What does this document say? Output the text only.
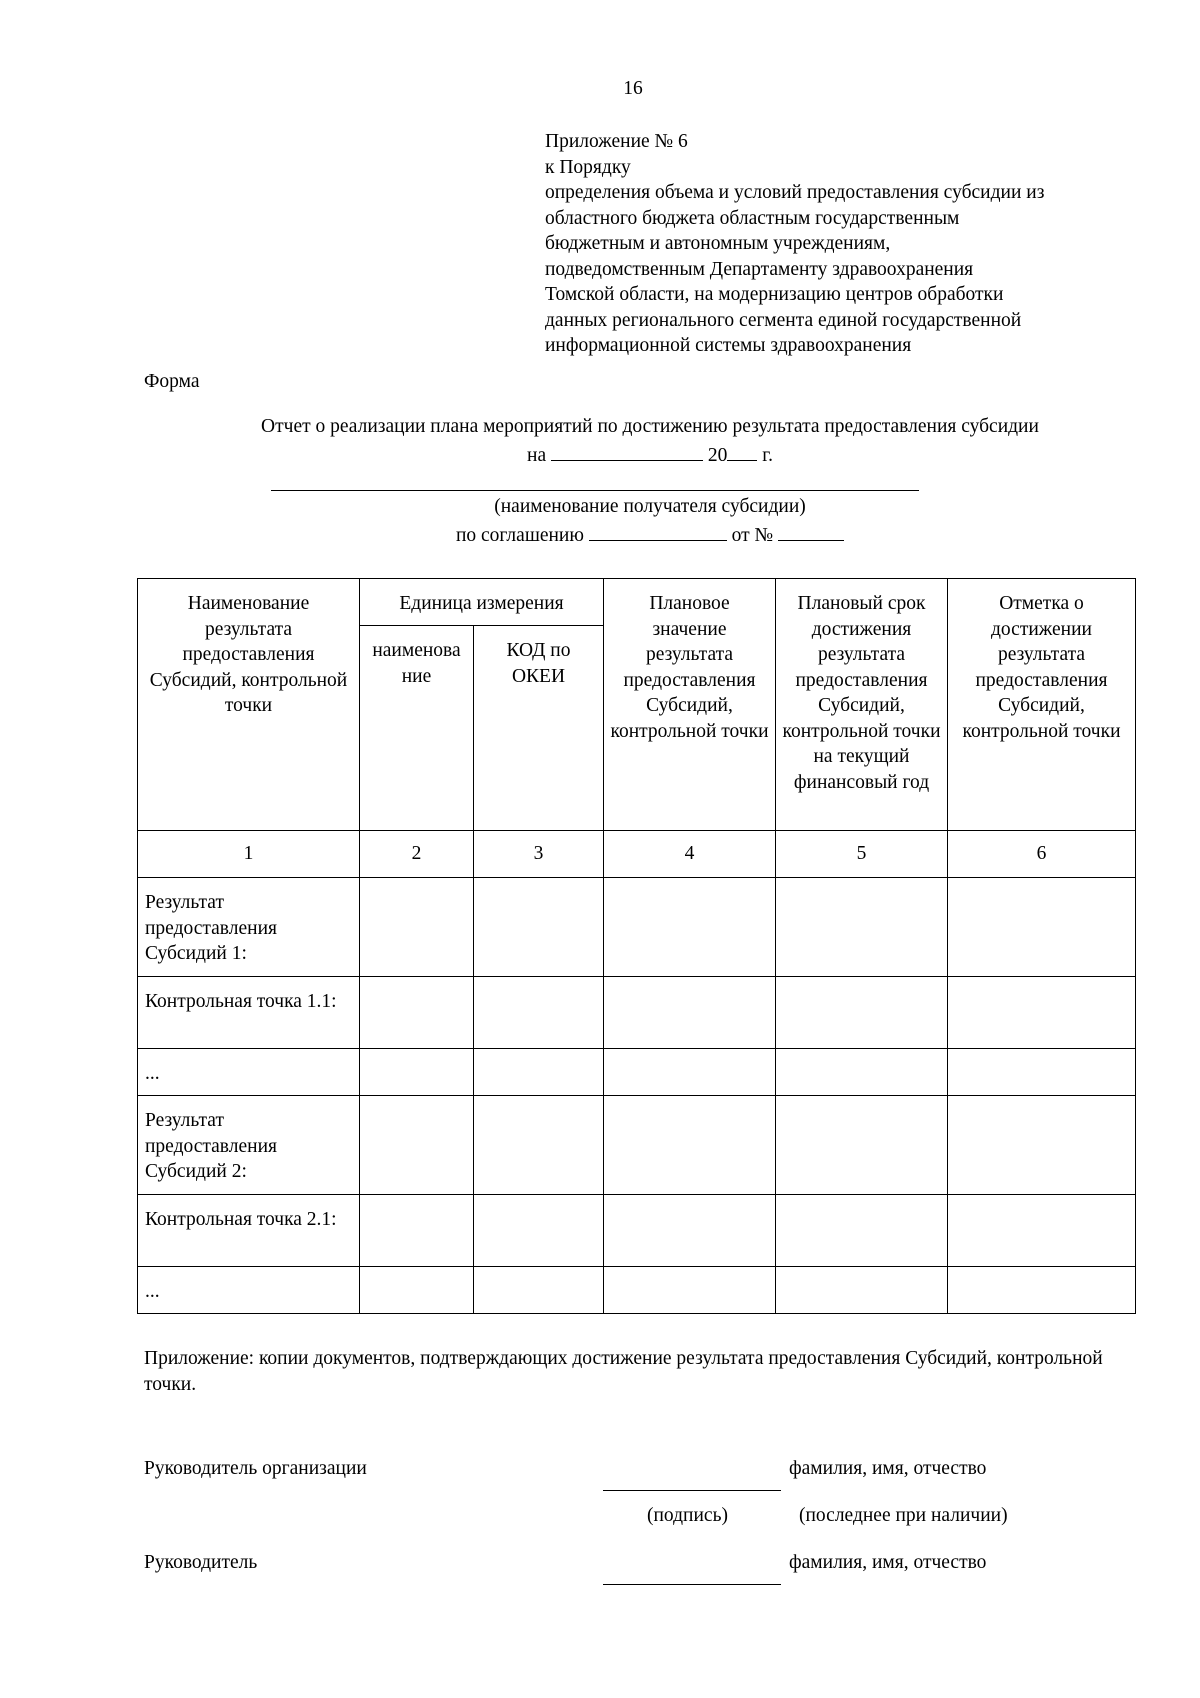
16
Приложение № 6
к Порядку
определения объема и условий предоставления субсидии из
областного бюджета областным государственным
бюджетным и автономным учреждениям,
подведомственным Департаменту здравоохранения
Томской области, на модернизацию центров обработки
данных регионального сегмента единой государственной
информационной системы здравоохранения
Форма
Отчет о реализации плана мероприятий по достижению результата предоставления субсидии
на	20 г.
(наименование получателя субсидии)
по соглашению	от №
Наименование результата предоставления Субсидий, контрольной точки	Единица измерения		Плановое значение результата предоставления Субсидий, контрольной точки	Плановый срок достижения результата предоставления Субсидий, контрольной точки на текущий финансовый год	Отметка о достижении результата предоставления Субсидий, контрольной точки
	наименова ние	КОД по ОКЕИ			
1	2	3	4	5	6
Результат предоставления Субсидий 1:					
Контрольная точка 1.1:					
...					
Результат предоставления Субсидий 2:					
Контрольная точка 2.1:					
...					
Приложение: копии документов, подтверждающих достижение результата предоставления Субсидий, контрольной точки.
Руководитель организации	фамилия, имя, отчество
(подпись)	(последнее при наличии)
Руководитель	фамилия, имя, отчество
